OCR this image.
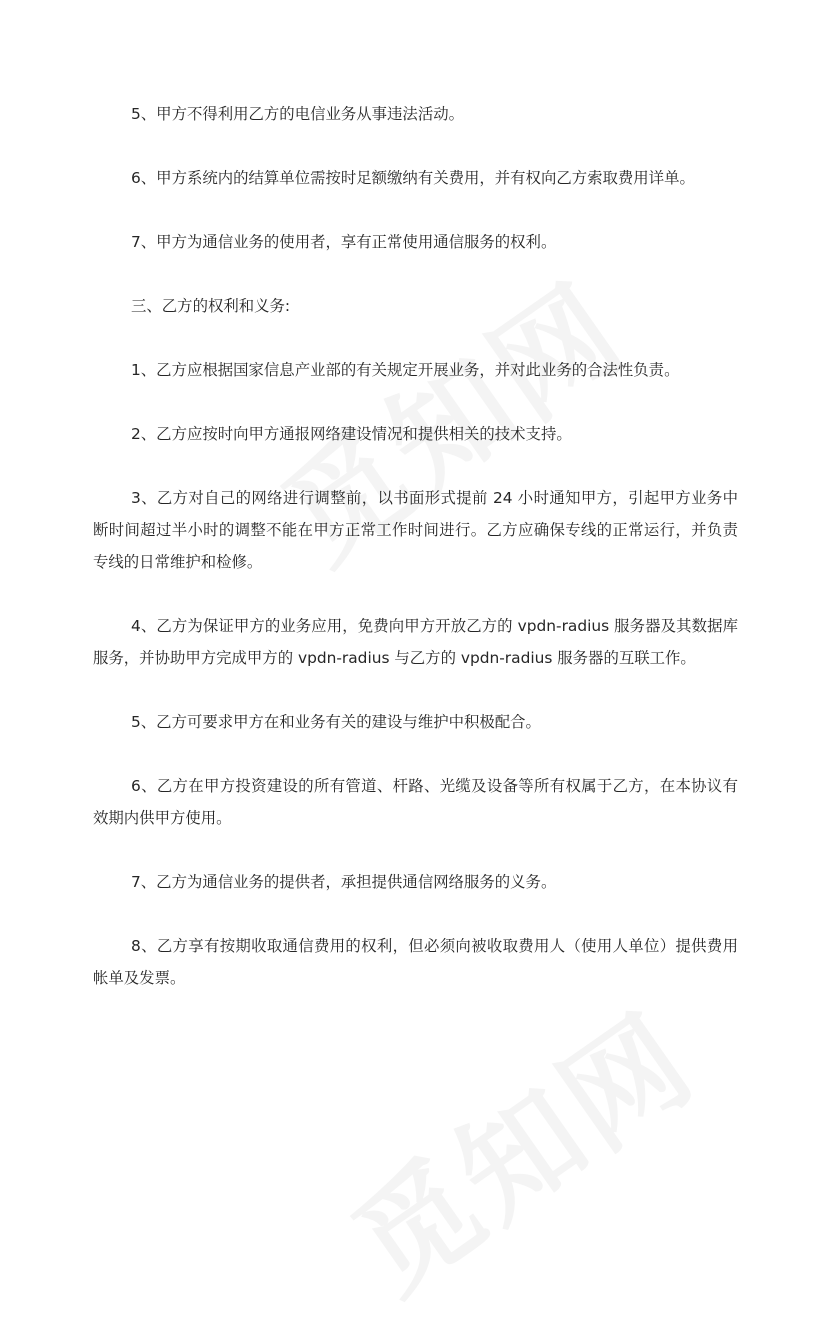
5、甲方不得利用乙方的电信业务从事违法活动。

6、甲方系统内的结算单位需按时足额缴纳有关费用，并有权向乙方索取费用详单。

7、甲方为通信业务的使用者，享有正常使用通信服务的权利。

三、乙方的权利和义务:

1、乙方应根据国家信息产业部的有关规定开展业务，并对此业务的合法性负责。

2、乙方应按时向甲方通报网络建设情况和提供相关的技术支持。

3、乙方对自己的网络进行调整前，以书面形式提前 24 小时通知甲方，引起甲方业务中断时间超过半小时的调整不能在甲方正常工作时间进行。乙方应确保专线的正常运行，并负责专线的日常维护和检修。

4、乙方为保证甲方的业务应用，免费向甲方开放乙方的 vpdn-radius 服务器及其数据库服务，并协助甲方完成甲方的 vpdn-radius 与乙方的 vpdn-radius 服务器的互联工作。

5、乙方可要求甲方在和业务有关的建设与维护中积极配合。

6、乙方在甲方投资建设的所有管道、杆路、光缆及设备等所有权属于乙方，在本协议有效期内供甲方使用。

7、乙方为通信业务的提供者，承担提供通信网络服务的义务。

8、乙方享有按期收取通信费用的权利，但必须向被收取费用人（使用人单位）提供费用帐单及发票。
